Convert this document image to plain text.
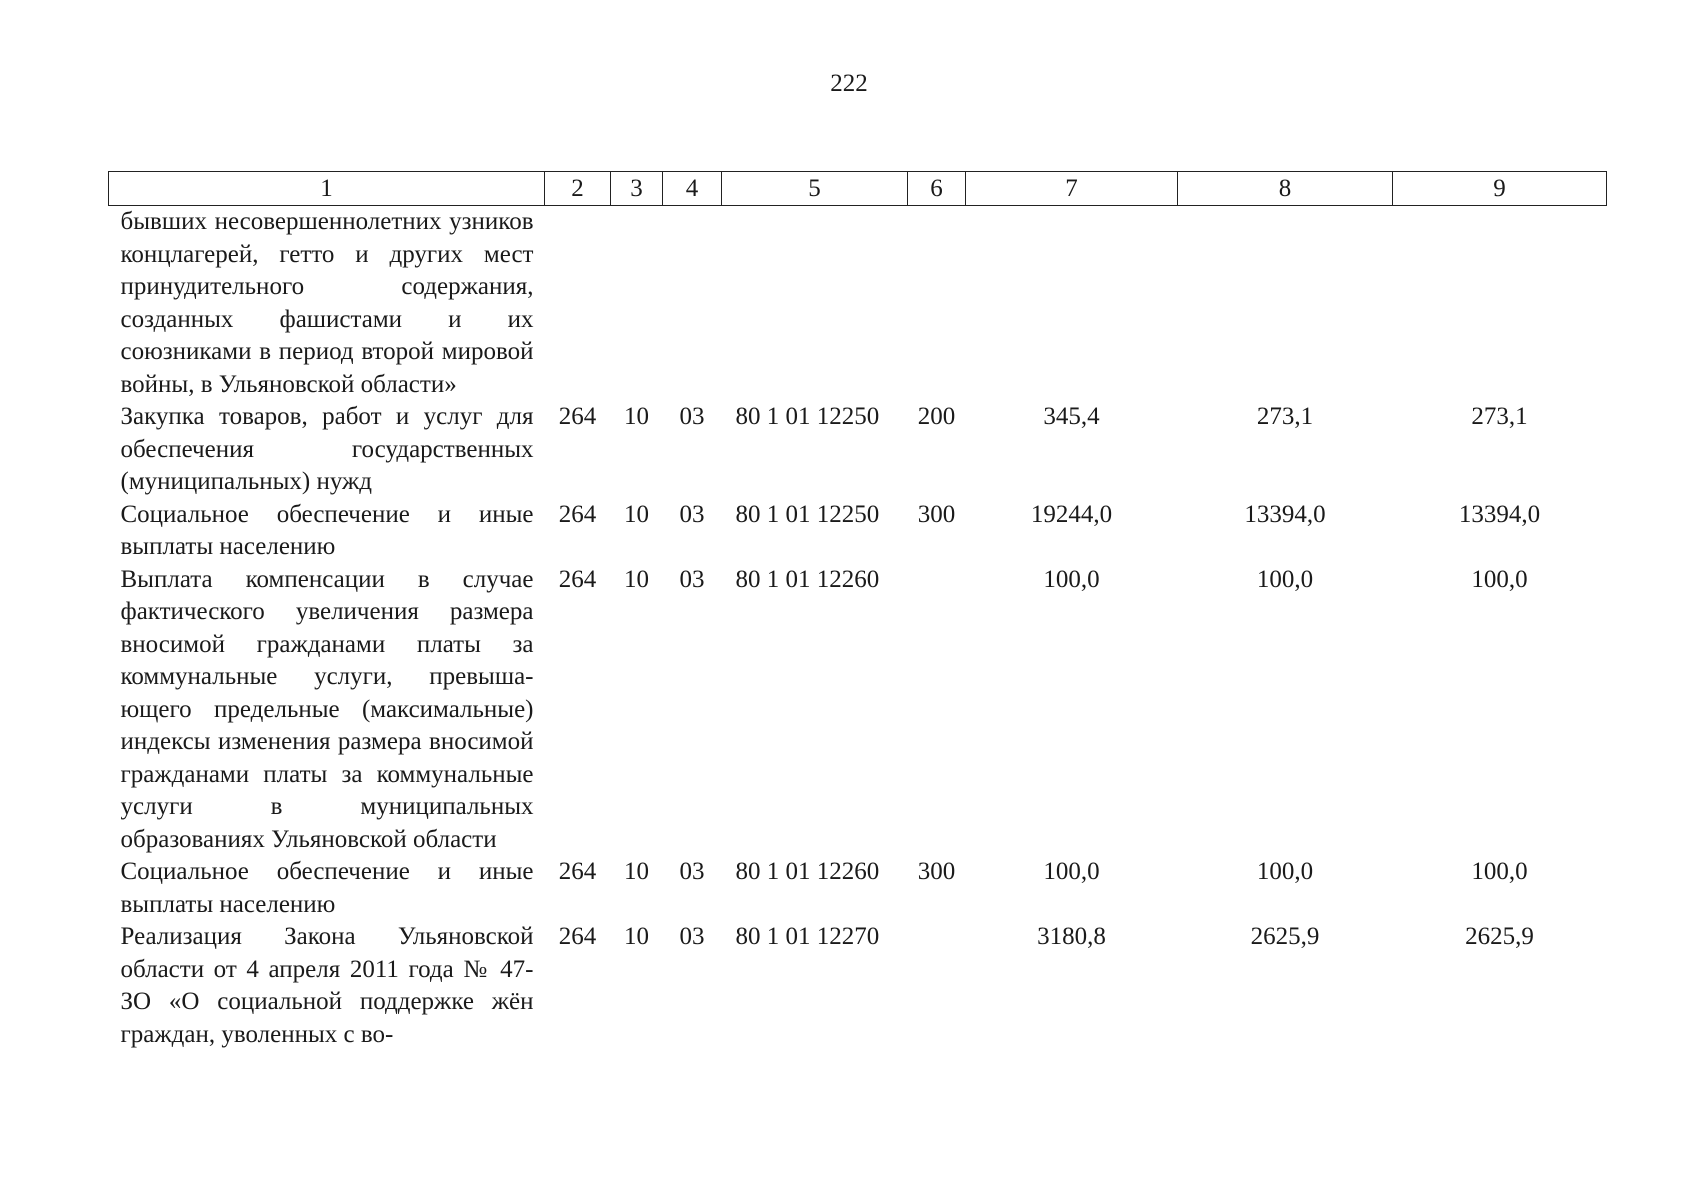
222
1	2	3	4	5	6	7	8	9
бывших несовершеннолетних узников концлагерей, гетто и других мест принудительного содержания, созданных фашистами и их союзниками в период второй мировой войны, в Ульяновской области»								
Закупка товаров, работ и услуг для обеспечения государственных (муниципальных) нужд	264	10	03	80 1 01 12250	200	345,4	273,1	273,1
Социальное обеспечение и иные выплаты населению	264	10	03	80 1 01 12250	300	19244,0	13394,0	13394,0
Выплата компенсации в случае фактического увеличения размера вносимой гражданами платы за коммунальные услуги, превышающего предельные (максимальные) индексы изменения размера вносимой гражданами платы за коммунальные услуги в муниципальных образованиях Ульяновской области	264	10	03	80 1 01 12260		100,0	100,0	100,0
Социальное обеспечение и иные выплаты населению	264	10	03	80 1 01 12260	300	100,0	100,0	100,0
Реализация Закона Ульяновской области от 4 апреля 2011 года № 47-ЗО «О социальной поддержке жён граждан, уволенных с во-	264	10	03	80 1 01 12270		3180,8	2625,9	2625,9
